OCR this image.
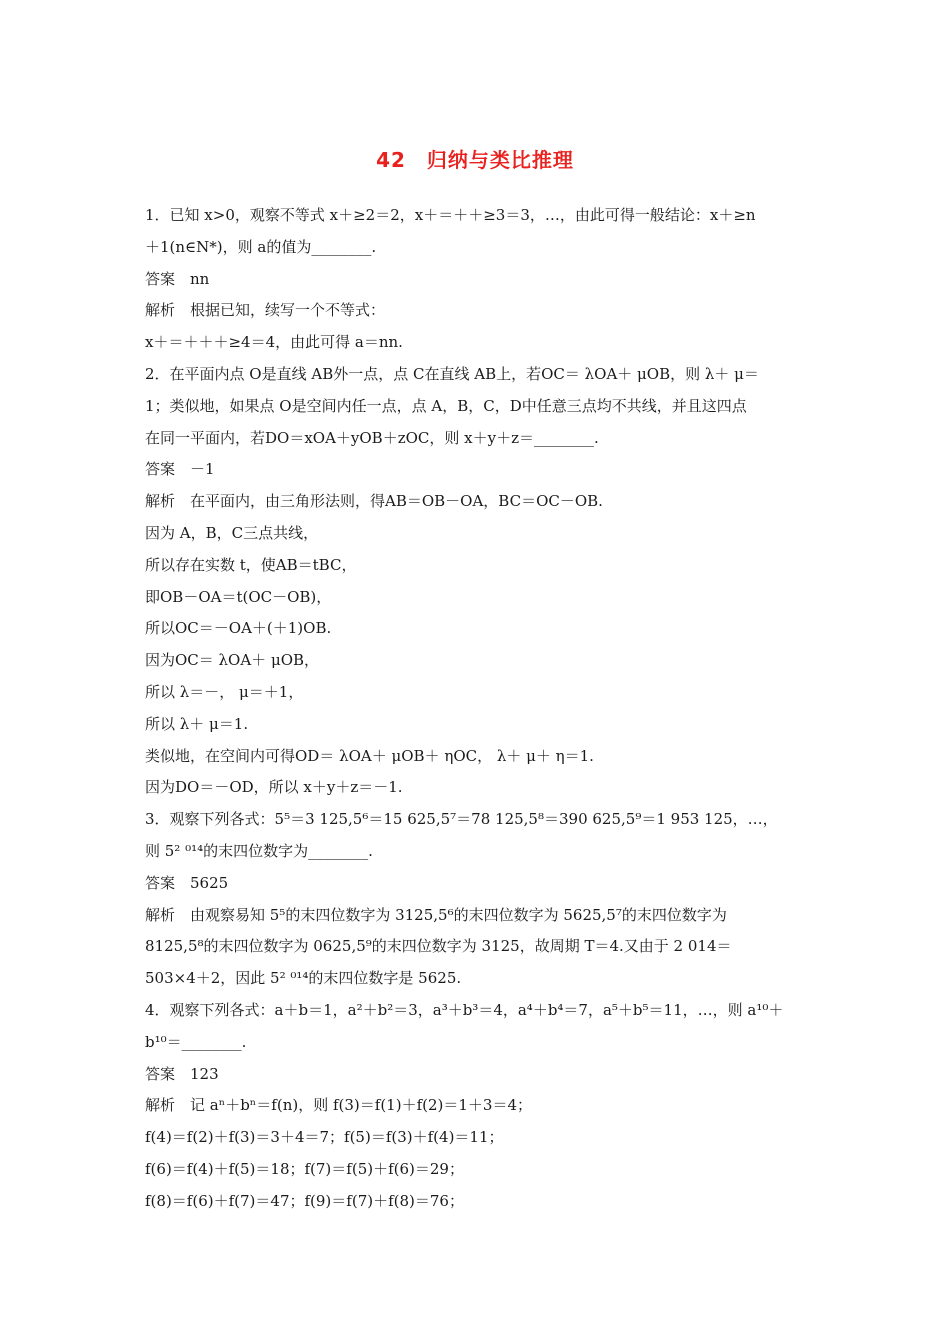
42　归纳与类比推理
1．已知 x>0，观察不等式 x＋≥2＝2，x＋＝＋＋≥3＝3，…，由此可得一般结论：x＋≥n
＋1(n∈N*)，则 a的值为________.
答案　nn
解析　根据已知，续写一个不等式：
x＋＝＋＋＋≥4＝4，由此可得 a＝nn.
2．在平面内点 O是直线 AB外一点，点 C在直线 AB上，若OC＝ λOA＋ μOB，则 λ＋ μ＝
1；类似地，如果点 O是空间内任一点，点 A，B，C，D中任意三点均不共线，并且这四点
在同一平面内，若DO＝xOA＋yOB＋zOC，则 x＋y＋z＝________.
答案　－1
解析　在平面内，由三角形法则，得AB＝OB－OA，BC＝OC－OB.
因为 A，B，C三点共线，
所以存在实数 t，使AB＝tBC，
即OB－OA＝t(OC－OB)，
所以OC＝－OA＋(＋1)OB.
因为OC＝ λOA＋ μOB，
所以 λ＝－， μ＝＋1，
所以 λ＋ μ＝1.
类似地，在空间内可得OD＝ λOA＋ μOB＋ ηOC， λ＋ μ＋ η＝1.
因为DO＝－OD，所以 x＋y＋z＝－1.
3．观察下列各式：5⁵＝3 125,5⁶＝15 625,5⁷＝78 125,5⁸＝390 625,5⁹＝1 953 125，…，
则 5² ⁰¹⁴的末四位数字为________.
答案　5625
解析　由观察易知 5⁵的末四位数字为 3125,5⁶的末四位数字为 5625,5⁷的末四位数字为
8125,5⁸的末四位数字为 0625,5⁹的末四位数字为 3125，故周期 T＝4.又由于 2 014＝
503×4＋2，因此 5² ⁰¹⁴的末四位数字是 5625.
4．观察下列各式：a＋b＝1，a²＋b²＝3，a³＋b³＝4，a⁴＋b⁴＝7，a⁵＋b⁵＝11，…，则 a¹⁰＋
b¹⁰＝________.
答案　123
解析　记 aⁿ＋bⁿ＝f(n)，则 f(3)＝f(1)＋f(2)＝1＋3＝4；
f(4)＝f(2)＋f(3)＝3＋4＝7；f(5)＝f(3)＋f(4)＝11；
f(6)＝f(4)＋f(5)＝18；f(7)＝f(5)＋f(6)＝29；
f(8)＝f(6)＋f(7)＝47；f(9)＝f(7)＋f(8)＝76；
